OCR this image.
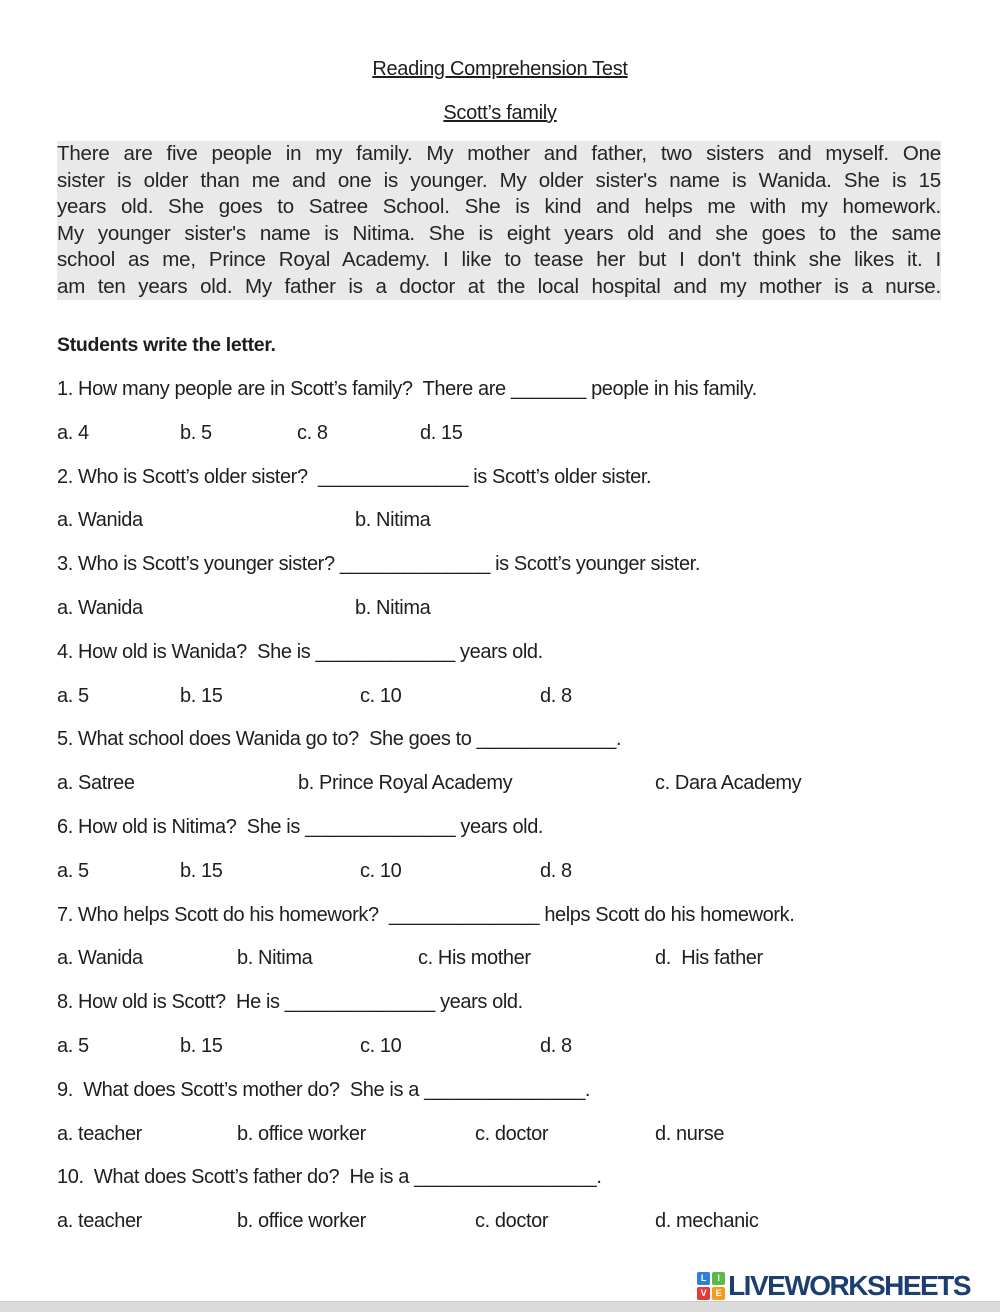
Reading Comprehension Test
Scott’s family
There are five people in my family. My mother and father, two sisters and myself. One
sister is older than me and one is younger. My older sister's name is Wanida. She is 15
years old. She goes to Satree School. She is kind and helps me with my homework.
My younger sister's name is Nitima. She is eight years old and she goes to the same
school as me, Prince Royal Academy. I like to tease her but I don't think she likes it. I
am ten years old. My father is a doctor at the local hospital and my mother is a nurse.
Students write the letter.
1. How many people are in Scott’s family?  There are _______ people in his family.
a. 4	b. 5	c. 8	d. 15
2. Who is Scott’s older sister?  ______________ is Scott’s older sister.
a. Wanida	b. Nitima
3. Who is Scott’s younger sister? ______________ is Scott’s younger sister.
a. Wanida	b. Nitima
4. How old is Wanida?  She is _____________ years old.
a. 5	b. 15	c. 10	d. 8
5. What school does Wanida go to?  She goes to _____________.
a. Satree	b. Prince Royal Academy	c. Dara Academy
6. How old is Nitima?  She is ______________ years old.
a. 5	b. 15	c. 10	d. 8
7. Who helps Scott do his homework?  ______________ helps Scott do his homework.
a. Wanida	b. Nitima	c. His mother	d.  His father
8. How old is Scott?  He is ______________ years old.
a. 5	b. 15	c. 10	d. 8
9.  What does Scott’s mother do?  She is a _______________.
a. teacher	b. office worker	c. doctor	d. nurse
10.  What does Scott’s father do?  He is a _________________.
a. teacher	b. office worker	c. doctor	d. mechanic
L	I
V E LIVEWORKSHEETS
